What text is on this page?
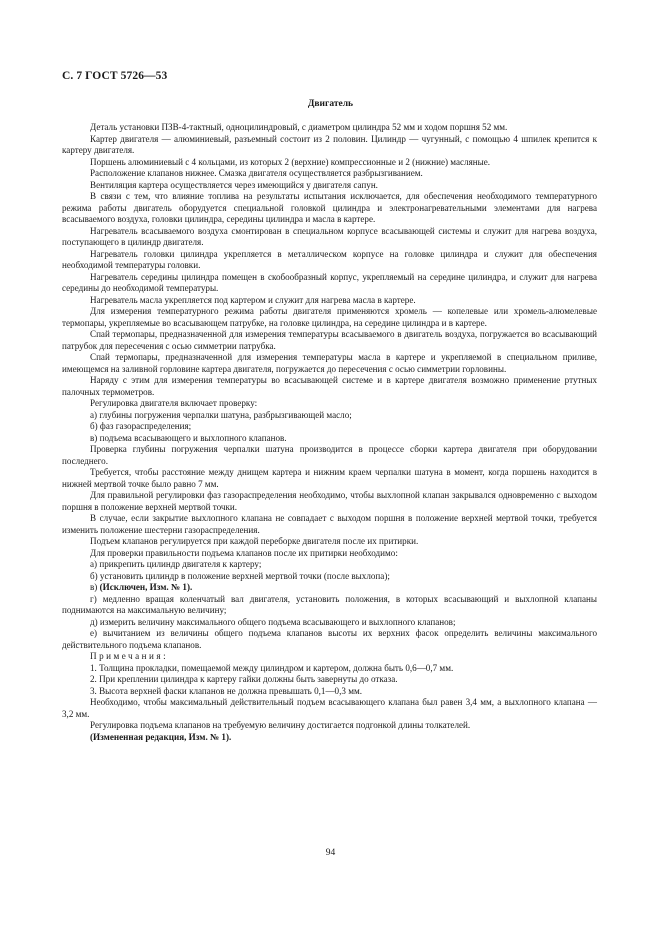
С. 7 ГОСТ 5726—53
Двигатель

Деталь установки ПЗВ-4-тактный, одноцилиндровый, с диаметром цилиндра 52 мм и ходом поршня 52 мм.

Картер двигателя — алюминиевый, разъемный состоит из 2 половин. Цилиндр — чугунный, с помощью 4 шпилек крепится к картеру двигателя.

Поршень алюминиевый с 4 кольцами, из которых 2 (верхние) компрессионные и 2 (нижние) масляные.

Расположение клапанов нижнее. Смазка двигателя осуществляется разбрызгиванием.

Вентиляция картера осуществляется через имеющийся у двигателя сапун.

В связи с тем, что влияние топлива на результаты испытания исключается, для обеспечения необходимого температурного режима работы двигатель оборудуется специальной головкой цилиндра и электронагревательными элементами для нагрева всасываемого воздуха, головки цилиндра, середины цилиндра и масла в картере.

Нагреватель всасываемого воздуха смонтирован в специальном корпусе всасывающей системы и служит для нагрева воздуха, поступающего в цилиндр двигателя.

Нагреватель головки цилиндра укрепляется в металлическом корпусе на головке цилиндра и служит для обеспечения необходимой температуры головки.

Нагреватель середины цилиндра помещен в скобообразный корпус, укрепляемый на середине цилиндра, и служит для нагрева середины до необходимой температуры.

Нагреватель масла укрепляется под картером и служит для нагрева масла в картере.

Для измерения температурного режима работы двигателя применяются хромель — копелевые или хромель-алюмелевые термопары, укрепляемые во всасывающем патрубке, на головке цилиндра, на середине цилиндра и в картере.

Спай термопары, предназначенной для измерения температуры всасываемого в двигатель воздуха, погружается во всасывающий патрубок для пересечения с осью симметрии патрубка.

Спай термопары, предназначенной для измерения температуры масла в картере и укрепляемой в специальном приливе, имеющемся на заливной горловине картера двигателя, погружается до пересечения с осью симметрии горловины.

Наряду с этим для измерения температуры во всасывающей системе и в картере двигателя возможно применение ртутных палочных термометров.

Регулировка двигателя включает проверку:

а) глубины погружения черпалки шатуна, разбрызгивающей масло;

б) фаз газораспределения;

в) подъема всасывающего и выхлопного клапанов.

Проверка глубины погружения черпалки шатуна производится в процессе сборки картера двигателя при оборудовании последнего.

Требуется, чтобы расстояние между днищем картера и нижним краем черпалки шатуна в момент, когда поршень находится в нижней мертвой точке было равно 7 мм.

Для правильной регулировки фаз газораспределения необходимо, чтобы выхлопной клапан закрывался одновременно с выходом поршня в положение верхней мертвой точки.

В случае, если закрытие выхлопного клапана не совпадает с выходом поршня в положение верхней мертвой точки, требуется изменить положение шестерни газораспределения.

Подъем клапанов регулируется при каждой переборке двигателя после их притирки.

Для проверки правильности подъема клапанов после их притирки необходимо:

а) прикрепить цилиндр двигателя к картеру;

б) установить цилиндр в положение верхней мертвой точки (после выхлопа);

в) (Исключен, Изм. № 1).

г) медленно вращая коленчатый вал двигателя, установить положения, в которых всасывающий и выхлопной клапаны поднимаются на максимальную величину;

д) измерить величину максимального общего подъема всасывающего и выхлопного клапанов;

е) вычитанием из величины общего подъема клапанов высоты их верхних фасок определить величины максимального действительного подъема клапанов.

Примечания:

1. Толщина прокладки, помещаемой между цилиндром и картером, должна быть 0,6—0,7 мм.

2. При креплении цилиндра к картеру гайки должны быть завернуты до отказа.

3. Высота верхней фаски клапанов не должна превышать 0,1—0,3 мм.

Необходимо, чтобы максимальный действительный подъем всасывающего клапана был равен 3,4 мм, а выхлопного клапана — 3,2 мм.

Регулировка подъема клапанов на требуемую величину достигается подгонкой длины толкателей.

(Измененная редакция, Изм. № 1).

94
